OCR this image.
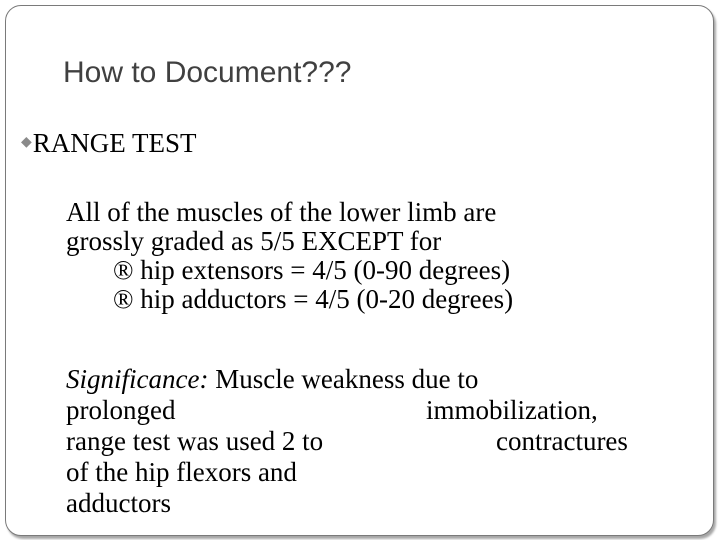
How to Document???
◆RANGE TEST
All of the muscles of the lower limb are
grossly graded as 5/5 EXCEPT for
® hip extensors = 4/5 (0-90 degrees)
® hip adductors = 4/5 (0-20 degrees)
Significance: Muscle weakness due to
prolonged	immobilization,
range test was used 2 to	contractures
of the hip flexors and
adductors
